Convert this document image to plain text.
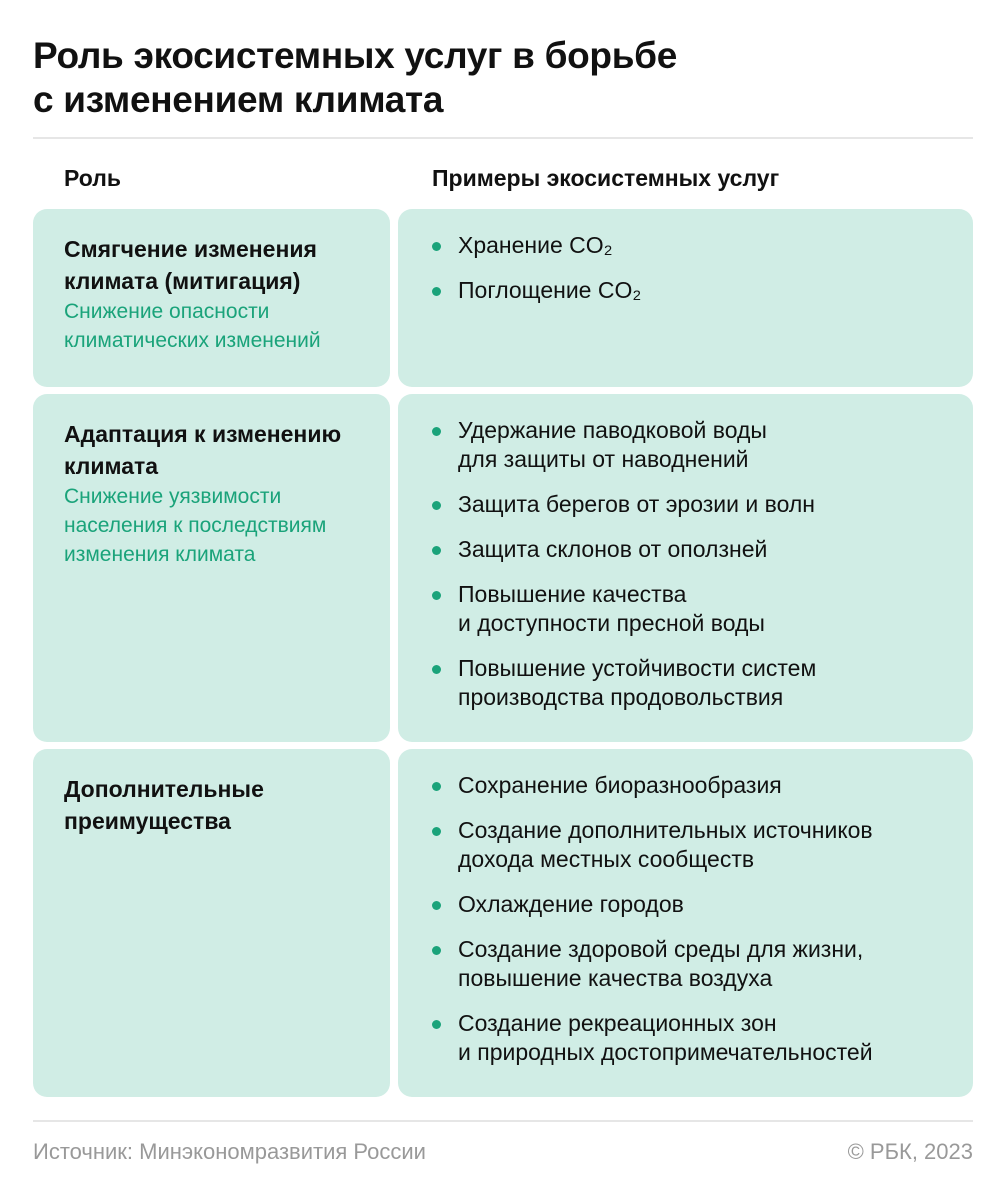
Роль экосистемных услуг в борьбе
с изменением климата
Роль	Примеры экосистемных услуг
Смягчение изменения
климата (митигация)
Снижение опасности
климатических изменений
Хранение CO₂
Поглощение CO₂
Адаптация к изменению
климата
Снижение уязвимости
населения к последствиям
изменения климата
Удержание паводковой воды
для защиты от наводнений
Защита берегов от эрозии и волн
Защита склонов от оползней
Повышение качества
и доступности пресной воды
Повышение устойчивости систем
производства продовольствия
Дополнительные
преимущества
Сохранение биоразнообразия
Создание дополнительных источников
дохода местных сообществ
Охлаждение городов
Создание здоровой среды для жизни,
повышение качества воздуха
Создание рекреационных зон
и природных достопримечательностей
Источник: Минэкономразвития России	© РБК, 2023
